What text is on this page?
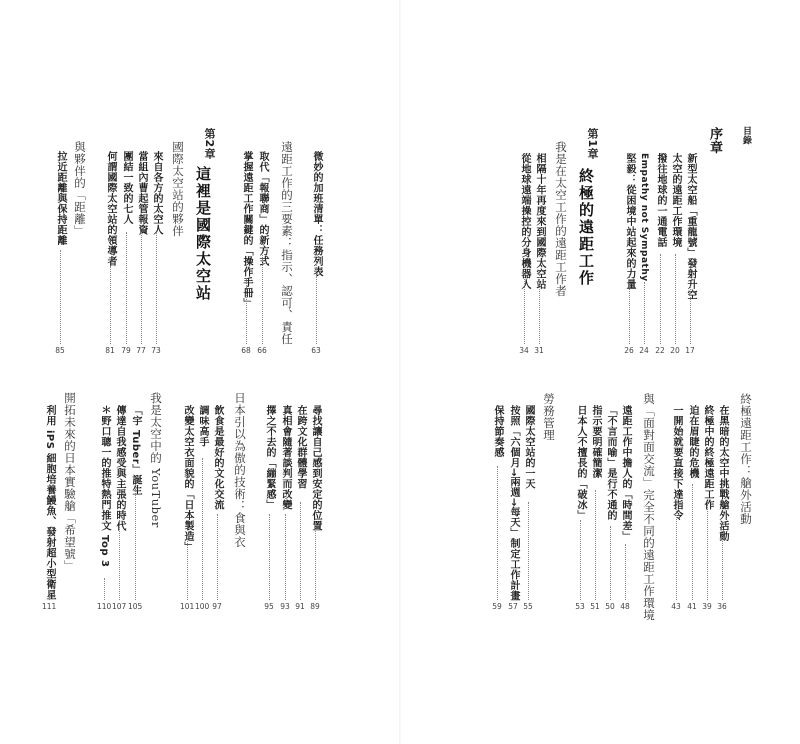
微妙的加班清單：任務列表
63
遠距工作的三要素：指示、認可、責任
取代「報聯商」的新方式
66
掌握遠距工作關鍵的「操作手冊」
68
第2章
這裡是國際太空站
國際太空站的夥伴
來自各方的太空人
73
當組內曹起管報資
77
團結一致的七人
79
何謂國際太空站的領導者
81
與夥伴的「距離」
拉近距離與保持距離
85
尋找讓自己感到安定的位置
89
在跨文化群體學習
91
真相會隨著談判而改變
93
擇之不去的「繃緊感」
95
日本引以為傲的技術：食與衣
飲食是最好的文化交流
97
調味高手
100
改變太空衣面貌的「日本製造」
101
我是太空中的 YouTuber
「宇 Tuber」誕生
105
傳達自我感受與主張的時代
107
＊野口聰一的推特熱門推文 Top 3
110
開拓未來的日本實驗艙「希望號」
利用 iPS 細胞培養鰻魚、發射超小型衛星
111
目錄
序章
新型太空船「重龍號」發射升空
17
太空的遠距工作環境
20
撥往地球的一通電話
22
Empathy not Sympathy
24
堅毅：從困境中站起來的力量
26
第1章
終極的遠距工作
我是在太空工作的遠距工作者
相隔十年再度來到國際太空站
31
從地球遠端操控的分身機器人
34
終極遠距工作：艙外活動
在黑暗的太空中挑戰艙外活動
36
終極中的終極遠距工作
39
迫在眉睫的危機
41
一開始就要直接下達指令
43
與「面對面交流」完全不同的遠距工作環境
遠距工作中擔人的「時間差」
48
「不言而喻」是行不通的
50
指示要明確簡潔
51
日本人不擅長的「破冰」
53
勞務管理
國際太空站的一天
55
按照「六個月→兩週→每天」制定工作計畫
57
保持節奏感
59
